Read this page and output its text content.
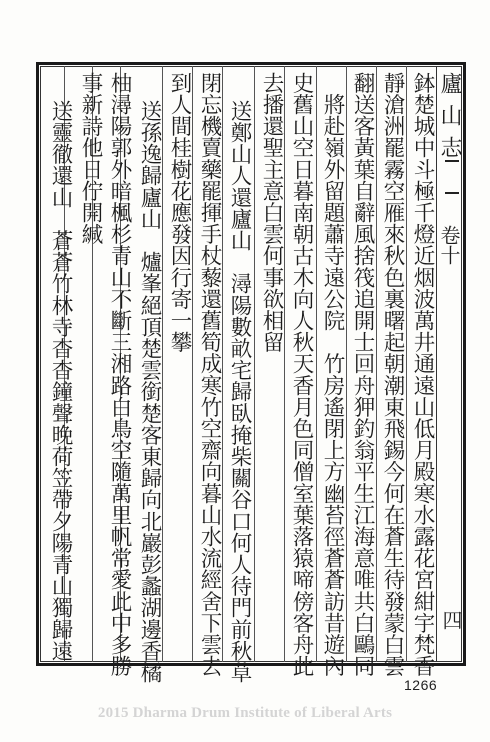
廬山志
卷十
四
鉢楚城中斗極千燈近烟波萬井通遠山低月殿寒水露花宮紺宇梵香
靜滄洲罷霧空雁來秋色裏曙起朝潮東飛錫今何在蒼生待發蒙白雲
翻送客黃葉自辭風捨筏追開士回舟狎釣翁平生江海意唯共白鷗同
　將赴嶺外留題蕭寺遠公院　竹房遙閉上方幽苔徑蒼蒼訪昔遊內
史舊山空日暮南朝古木向人秋天香月色同僧室葉落猿啼傍客舟此
去播還聖主意白雲何事欲相留
送鄭山人還廬山　潯陽數畝宅歸臥掩柴關谷口何人待門前秋草
閉忘機賣藥罷揮手杖藜還舊筍成寒竹空齋向暮山水流經舍下雲去
到人間桂樹花應發因行寄一攀
送孫逸歸廬山　爐峯絕頂楚雲銜楚客東歸向北巖彭蠡湖邊香橘
柚潯陽郭外暗楓杉青山不斷三湘路白鳥空隨萬里帆常愛此中多勝
事新詩他日佇開緘
送靈徹還山　蒼蒼竹林寺杳杳鐘聲晚荷笠帶夕陽青山獨歸遠
1266
2015 Dharma Drum Institute of Liberal Arts
